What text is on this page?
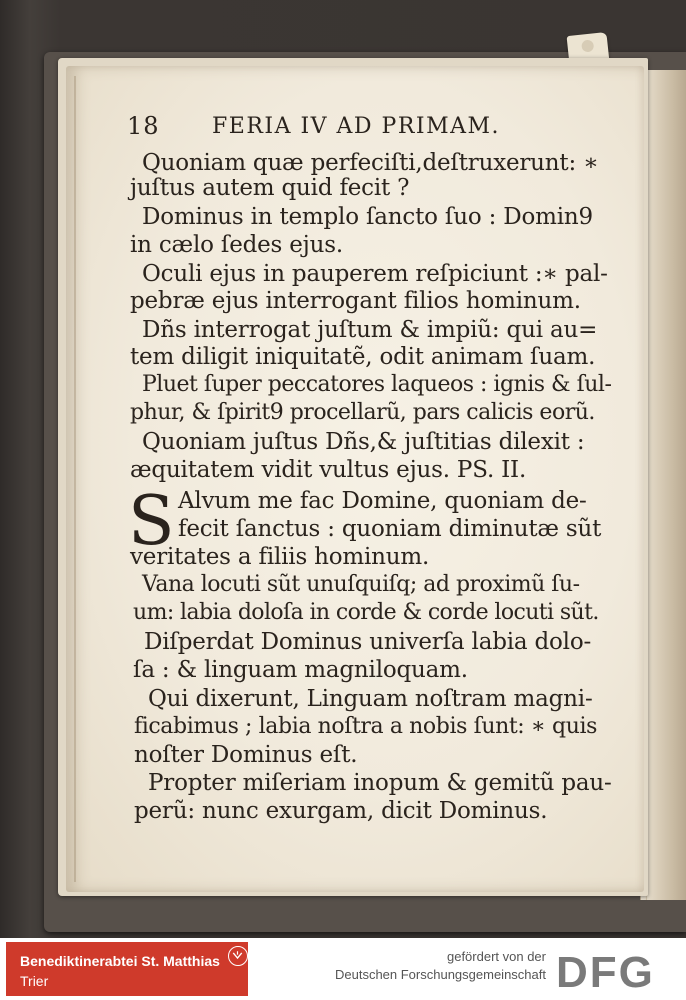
18 FERIA IV AD PRIMAM.
Quoniam quæ perfeciſti,deſtruxerunt: ∗
juſtus autem quid fecit ?
Dominus in templo ſancto ſuo : Domin9
in cælo ſedes ejus.
Oculi ejus in pauperem reſpiciunt :∗ pal-
pebræ ejus interrogant filios hominum.
Dñs interrogat juſtum & impiũ: qui au=
tem diligit iniquitatẽ, odit animam ſuam.
Pluet ſuper peccatores laqueos : ignis & ſul-
phur, & ſpirit9 procellarũ, pars calicis eorũ.
Quoniam juſtus Dñs,& juſtitias dilexit :
æquitatem vidit vultus ejus. PS. II.
S Alvum me fac Domine, quoniam de-
fecit ſanctus : quoniam diminutæ sũt
veritates a filiis hominum.
Vana locuti sũt unuſquiſq; ad proximũ ſu-
um: labia doloſa in corde & corde locuti sũt.
Diſperdat Dominus univerſa labia dolo-
ſa : & linguam magniloquam.
Qui dixerunt, Linguam noſtram magni-
ficabimus ; labia noſtra a nobis ſunt: ∗ quis
noſter Dominus eſt.
Propter miſeriam inopum & gemitũ pau-
perũ: nunc exurgam, dicit Dominus.
Benediktinerabtei St. Matthias
Trier
gefördert von der
Deutschen Forschungsgemeinschaft DFG
